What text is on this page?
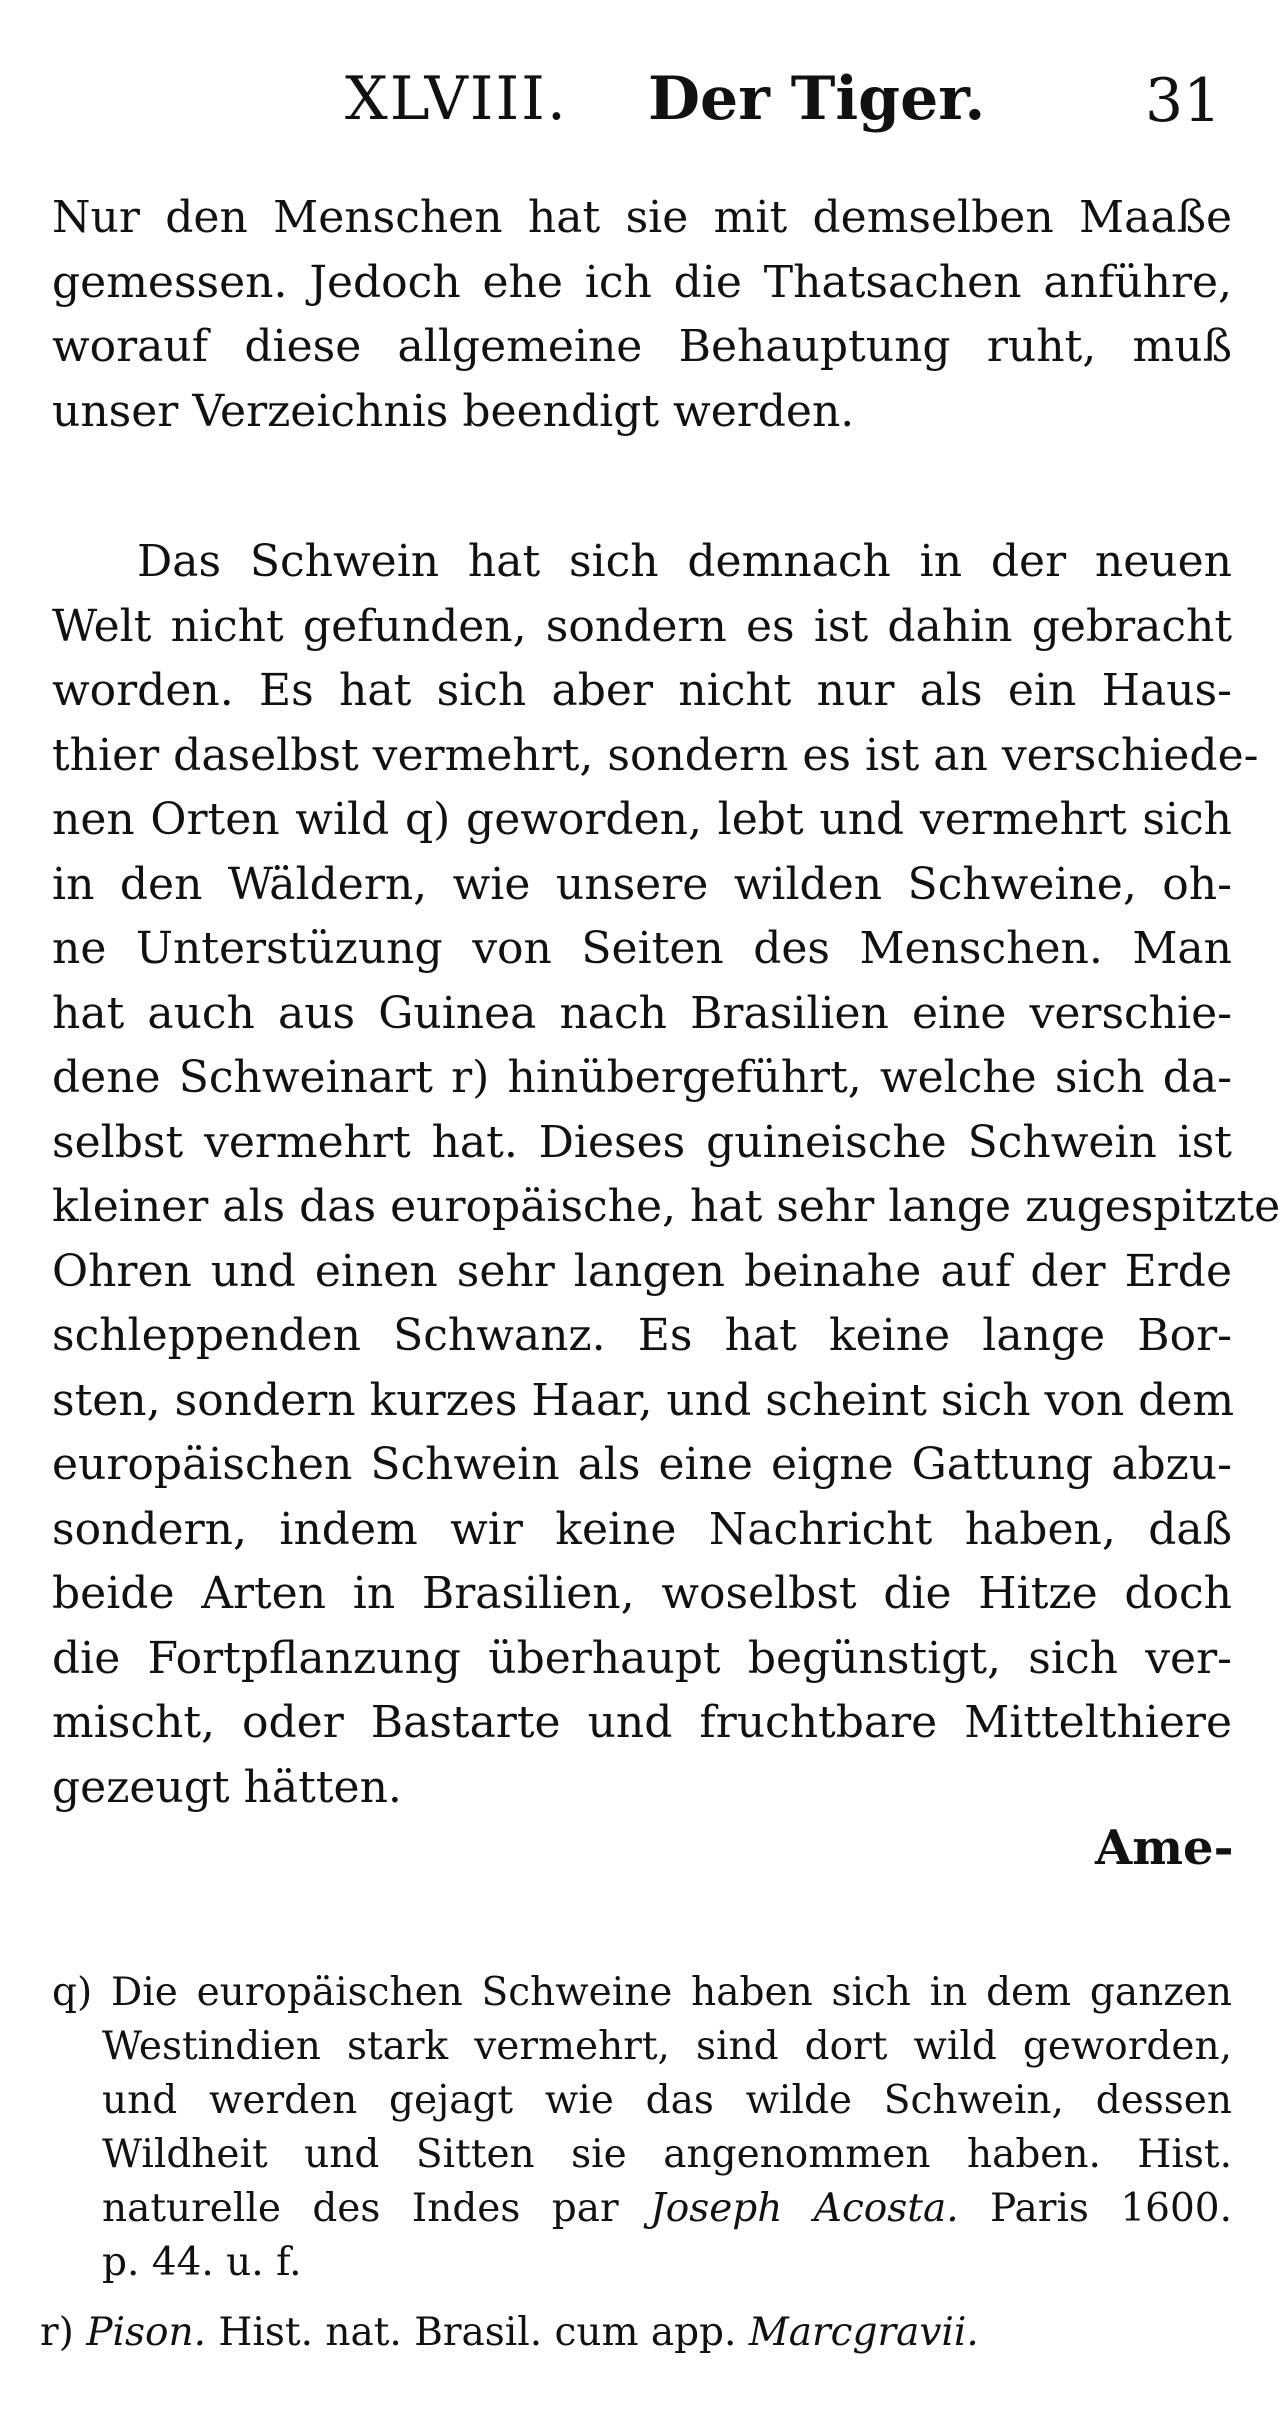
XLVIII. Der Tiger.	31
Nur den Menschen hat sie mit demselben Maaße
gemessen. Jedoch ehe ich die Thatsachen anführe,
worauf diese allgemeine Behauptung ruht, muß
unser Verzeichnis beendigt werden.
Das Schwein hat sich demnach in der neuen
Welt nicht gefunden, sondern es ist dahin gebracht
worden. Es hat sich aber nicht nur als ein Haus-
thier daselbst vermehrt, sondern es ist an verschiede-
nen Orten wild q) geworden, lebt und vermehrt sich
in den Wäldern, wie unsere wilden Schweine, oh-
ne Unterstüzung von Seiten des Menschen. Man
hat auch aus Guinea nach Brasilien eine verschie-
dene Schweinart r) hinübergeführt, welche sich da-
selbst vermehrt hat. Dieses guineische Schwein ist
kleiner als das europäische, hat sehr lange zugespitzte
Ohren und einen sehr langen beinahe auf der Erde
schleppenden Schwanz. Es hat keine lange Bor-
sten, sondern kurzes Haar, und scheint sich von dem
europäischen Schwein als eine eigne Gattung abzu-
sondern, indem wir keine Nachricht haben, daß
beide Arten in Brasilien, woselbst die Hitze doch
die Fortpflanzung überhaupt begünstigt, sich ver-
mischt, oder Bastarte und fruchtbare Mittelthiere
gezeugt hätten.
Ame-
q) Die europäischen Schweine haben sich in dem ganzen
Westindien stark vermehrt, sind dort wild geworden,
und werden gejagt wie das wilde Schwein, dessen
Wildheit und Sitten sie angenommen haben. Hist.
naturelle des Indes par Joseph Acosta. Paris 1600.
p. 44. u. f.
r) Pison. Hist. nat. Brasil. cum app. Marcgravii.
